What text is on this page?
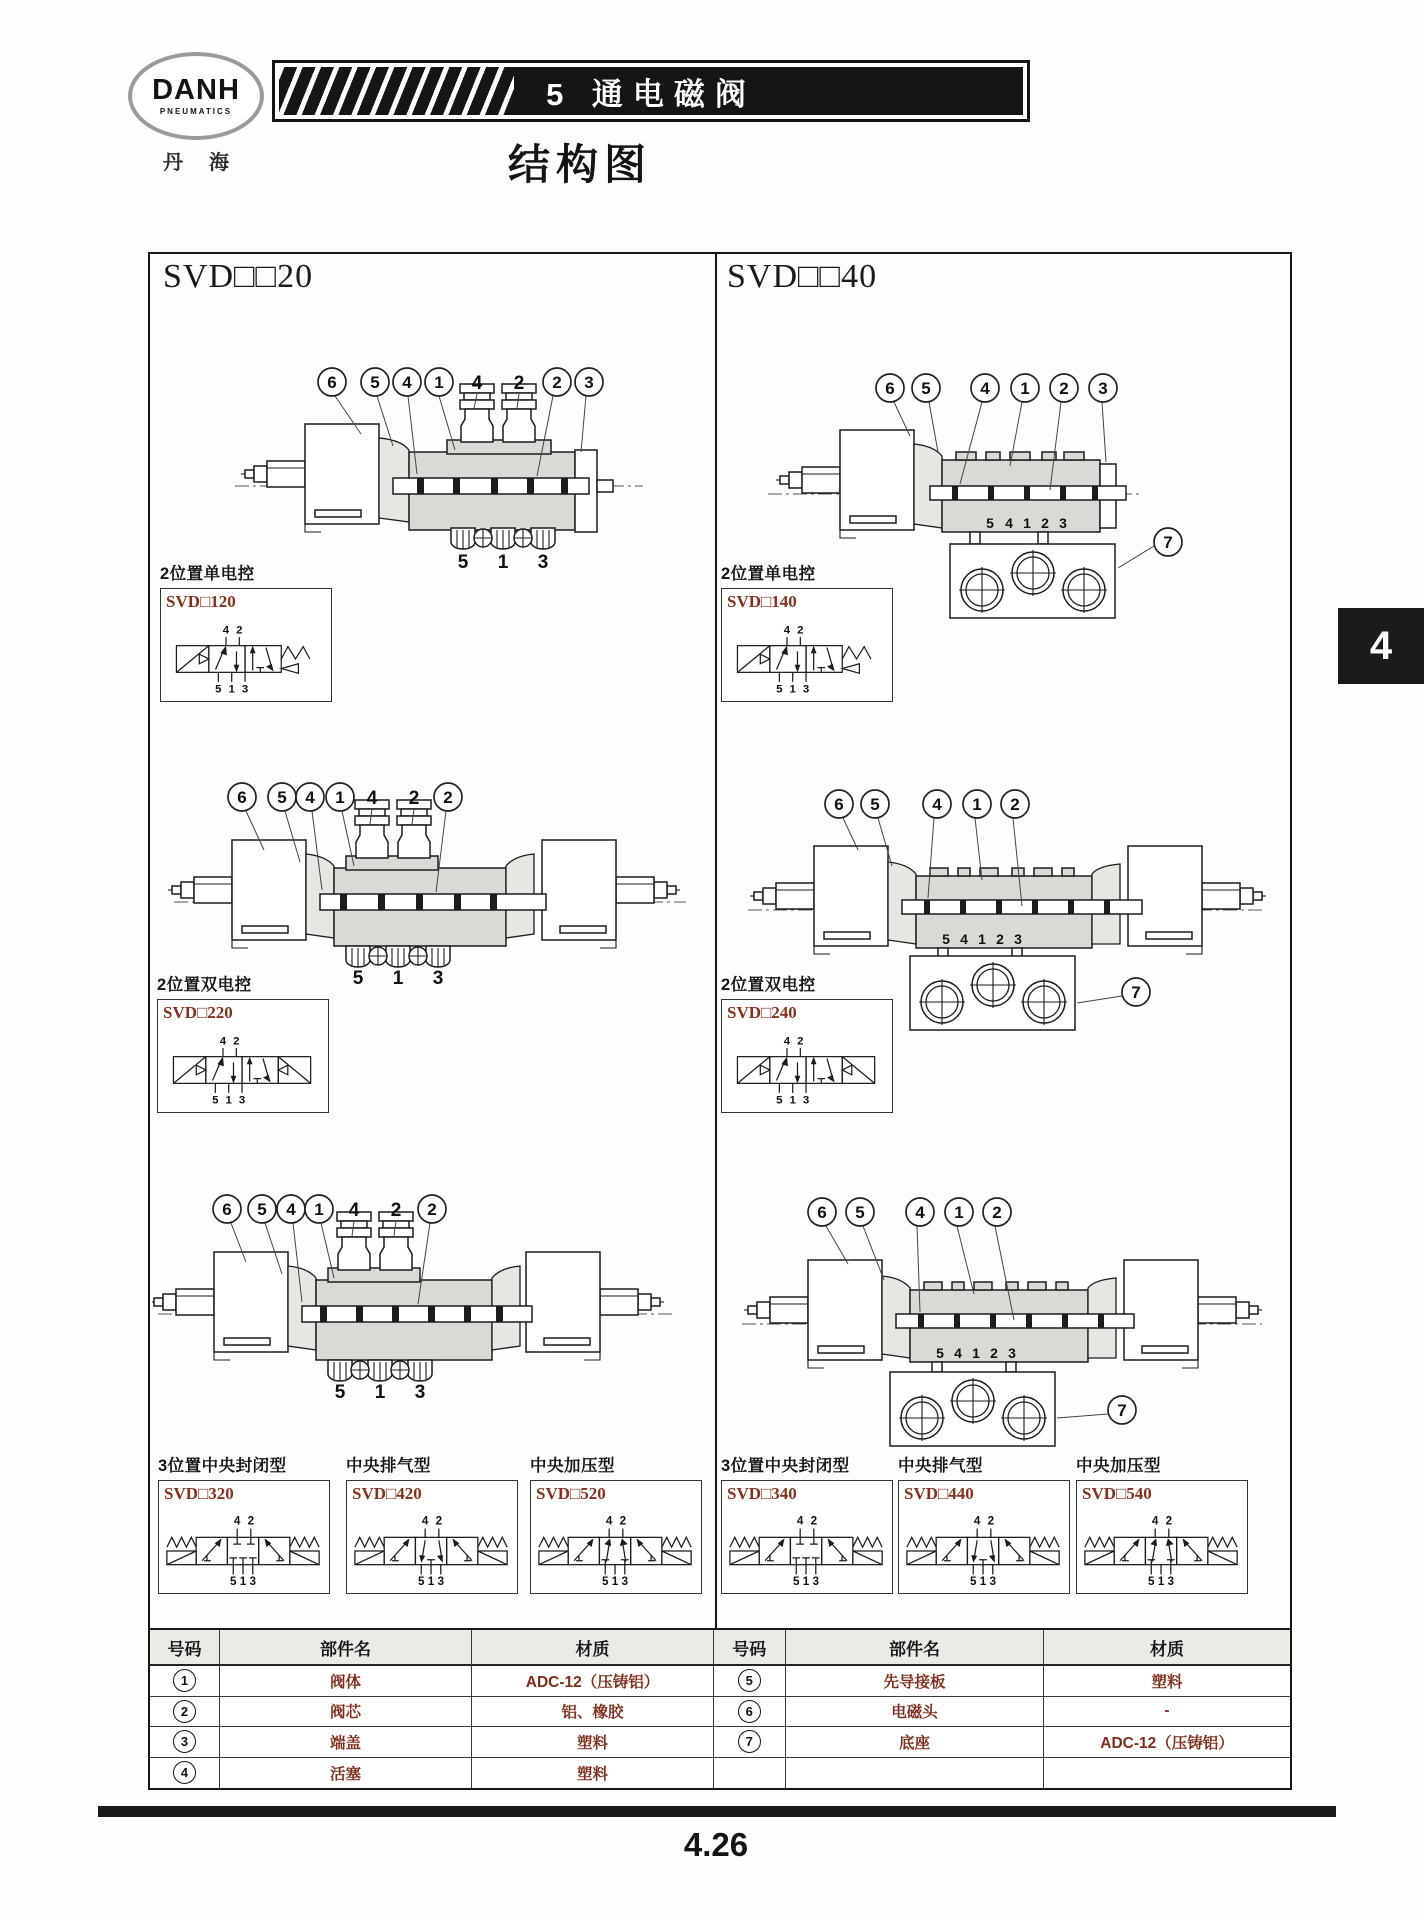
DANH
PNEUMATICS
丹海
5 通电磁阀
结构图
4
SVD□□20	SVD□□40
6 5 4 1 4 2 2 3
5 1 3
6 5 4 1 4 2 2
5 1 3
6 5 4 1 4 2 2
5 1 3
6 5	4 1 2 3
7
5 4 1 2 3
6 5	4 1 2
7
5 4 1 2 3
6 5	4 1 2
7
5 4 1 2 3
2位置单电控
SVD□120
4 2
5 1 3
2位置双电控
SVD□220
4 2
5 1 3
3位置中央封闭型
SVD□320
4 2
5 1 3
中央排气型
SVD□420
4 2
5 1 3
中央加压型
SVD□520
4 2
5 1 3
2位置单电控
SVD□140
4 2
5 1 3
2位置双电控
SVD□240
4 2
5 1 3
3位置中央封闭型
SVD□340
4 2
5 1 3
中央排气型
SVD□440
4 2
5 1 3
中央加压型
SVD□540
4 2
5 1 3
号码	部件名	材质	号码	部件名	材质
1	阀体	ADC-12（压铸铝）	5	先导接板	塑料
2	阀芯	铝、橡胶	6	电磁头	-
3	端盖	塑料	7	底座	ADC-12（压铸铝）
4	活塞	塑料
4.26
